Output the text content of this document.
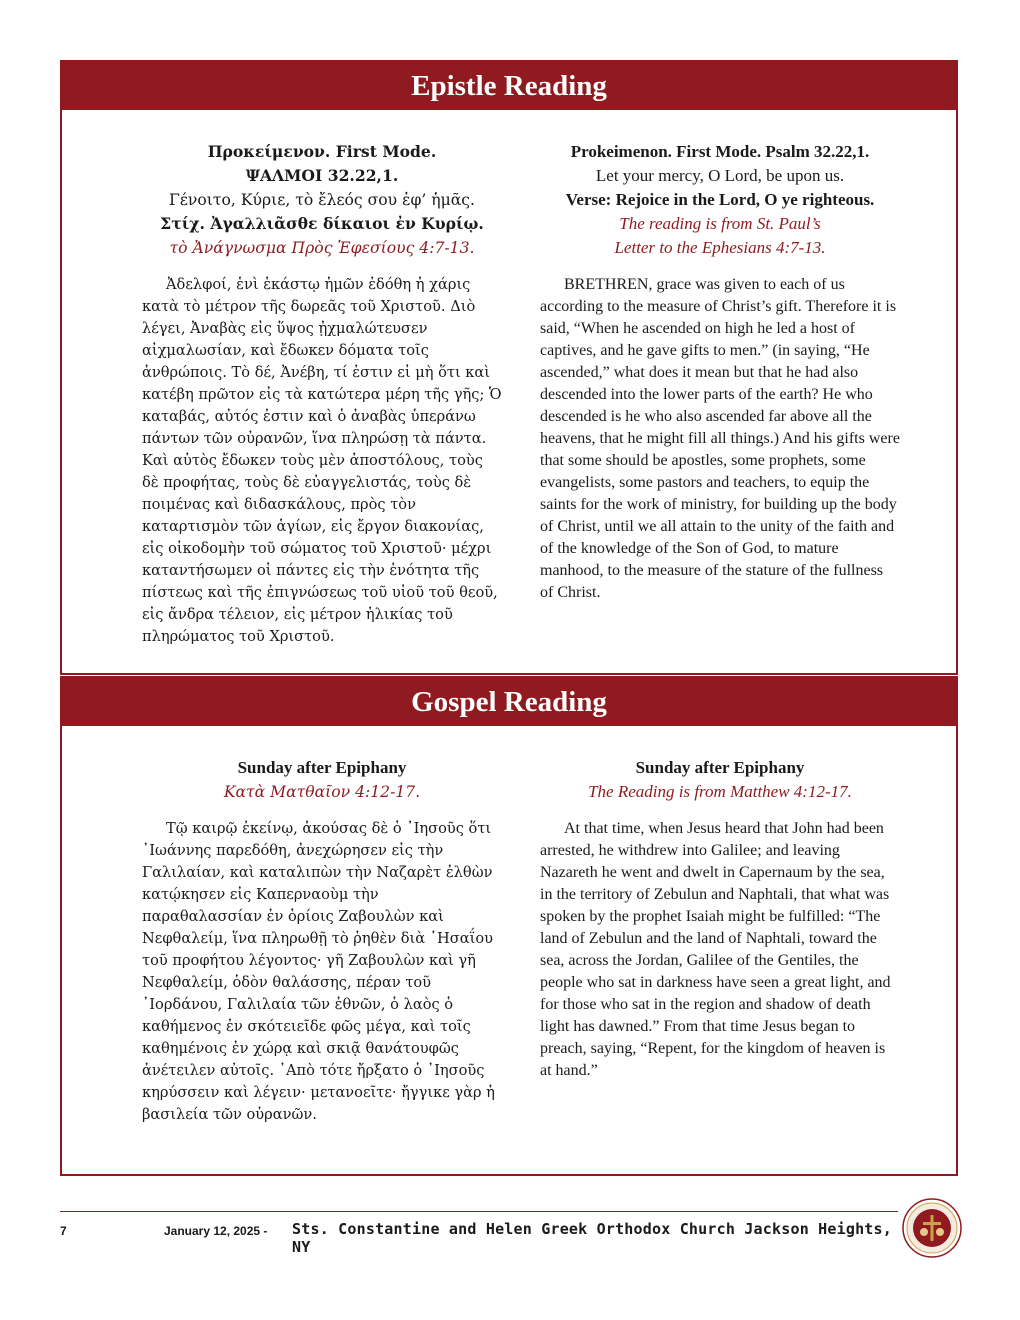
Epistle Reading
Προκείμενον. First Mode.
ΨΑΛΜΟΙ 32.22,1.
Γένοιτο, Κύριε, τὸ ἔλεός σου ἐφ’ ἡμᾶς.
Στίχ. Ἀγαλλιᾶσθε δίκαιοι ἐν Κυρίῳ.
τὸ Ἀνάγνωσμα Πρὸς Ἐφεσίους 4:7-13.
Ἀδελφοί, ἑνὶ ἑκάστῳ ἡμῶν ἐδόθη ἡ χάρις κατὰ τὸ μέτρον τῆς δωρεᾶς τοῦ Χριστοῦ. Διὸ λέγει, Ἀναβὰς εἰς ὕψος ᾐχμαλώτευσεν αἰχμαλωσίαν, καὶ ἔδωκεν δόματα τοῖς ἀνθρώποις. Τὸ δέ, Ἀνέβη, τί ἐστιν εἰ μὴ ὅτι καὶ κατέβη πρῶτον εἰς τὰ κατώτερα μέρη τῆς γῆς; Ὁ καταβάς, αὐτός ἐστιν καὶ ὁ ἀναβὰς ὑπεράνω πάντων τῶν οὐρανῶν, ἵνα πληρώσῃ τὰ πάντα. Καὶ αὐτὸς ἔδωκεν τοὺς μὲν ἀποστόλους, τοὺς δὲ προφήτας, τοὺς δὲ εὐαγγελιστάς, τοὺς δὲ ποιμένας καὶ διδασκάλους, πρὸς τὸν καταρτισμὸν τῶν ἁγίων, εἰς ἔργον διακονίας, εἰς οἰκοδομὴν τοῦ σώματος τοῦ Χριστοῦ· μέχρι καταντήσωμεν οἱ πάντες εἰς τὴν ἑνότητα τῆς πίστεως καὶ τῆς ἐπιγνώσεως τοῦ υἱοῦ τοῦ θεοῦ, εἰς ἄνδρα τέλειον, εἰς μέτρον ἡλικίας τοῦ πληρώματος τοῦ Χριστοῦ.
Prokeimenon. First Mode. Psalm 32.22,1.
Let your mercy, O Lord, be upon us.
Verse: Rejoice in the Lord, O ye righteous.
The reading is from St. Paul’s
Letter to the Ephesians 4:7-13.
BRETHREN, grace was given to each of us according to the measure of Christ’s gift. Therefore it is said, “When he ascended on high he led a host of captives, and he gave gifts to men.” (in saying, “He ascended,” what does it mean but that he had also descended into the lower parts of the earth? He who descended is he who also ascended far above all the heavens, that he might fill all things.) And his gifts were that some should be apostles, some prophets, some evangelists, some pastors and teachers, to equip the saints for the work of ministry, for building up the body of Christ, until we all attain to the unity of the faith and of the knowledge of the Son of God, to mature manhood, to the measure of the stature of the fullness of Christ.
Gospel Reading
Sunday after Epiphany
Κατὰ Ματθαῖον 4:12-17.
Τῷ καιρῷ ἐκείνῳ, ἀκούσας δὲ ὁ ᾿Ιησοῦς ὅτι ᾿Ιωάννης παρεδόθη, ἀνεχώρησεν εἰς τὴν Γαλιλαίαν, καὶ καταλιπὼν τὴν Ναζαρὲτ ἐλθὼν κατῴκησεν εἰς Καπερναοὺμ τὴν παραθαλασσίαν ἐν ὁρίοις Ζαβουλὼν καὶ Νεφθαλείμ, ἵνα πληρωθῇ τὸ ῥηθὲν διὰ ῾Ησαΐου τοῦ προφήτου λέγοντος· γῆ Ζαβουλὼν καὶ γῆ Νεφθαλείμ, ὁδὸν θαλάσσης, πέραν τοῦ ᾿Ιορδάνου, Γαλιλαία τῶν ἐθνῶν, ὁ λαὸς ὁ καθήμενος ἐν σκότειεῖδε φῶς μέγα, καὶ τοῖς καθημένοις ἐν χώρᾳ καὶ σκιᾷ θανάτουφῶς ἀνέτειλεν αὐτοῖς. ᾿Απὸ τότε ἤρξατο ὁ ᾿Ιησοῦς κηρύσσειν καὶ λέγειν· μετανοεῖτε· ἤγγικε γὰρ ἡ βασιλεία τῶν οὐρανῶν.
Sunday after Epiphany
The Reading is from Matthew 4:12-17.
At that time, when Jesus heard that John had been arrested, he withdrew into Galilee; and leaving Nazareth he went and dwelt in Capernaum by the sea, in the territory of Zebulun and Naphtali, that what was spoken by the prophet Isaiah might be fulfilled: “The land of Zebulun and the land of Naphtali, toward the sea, across the Jordan, Galilee of the Gentiles, the people who sat in darkness have seen a great light, and for those who sat in the region and shadow of death light has dawned.” From that time Jesus began to preach, saying, “Repent, for the kingdom of heaven is at hand.”
7	January 12, 2025 - Sts. Constantine and Helen Greek Orthodox Church Jackson Heights, NY
